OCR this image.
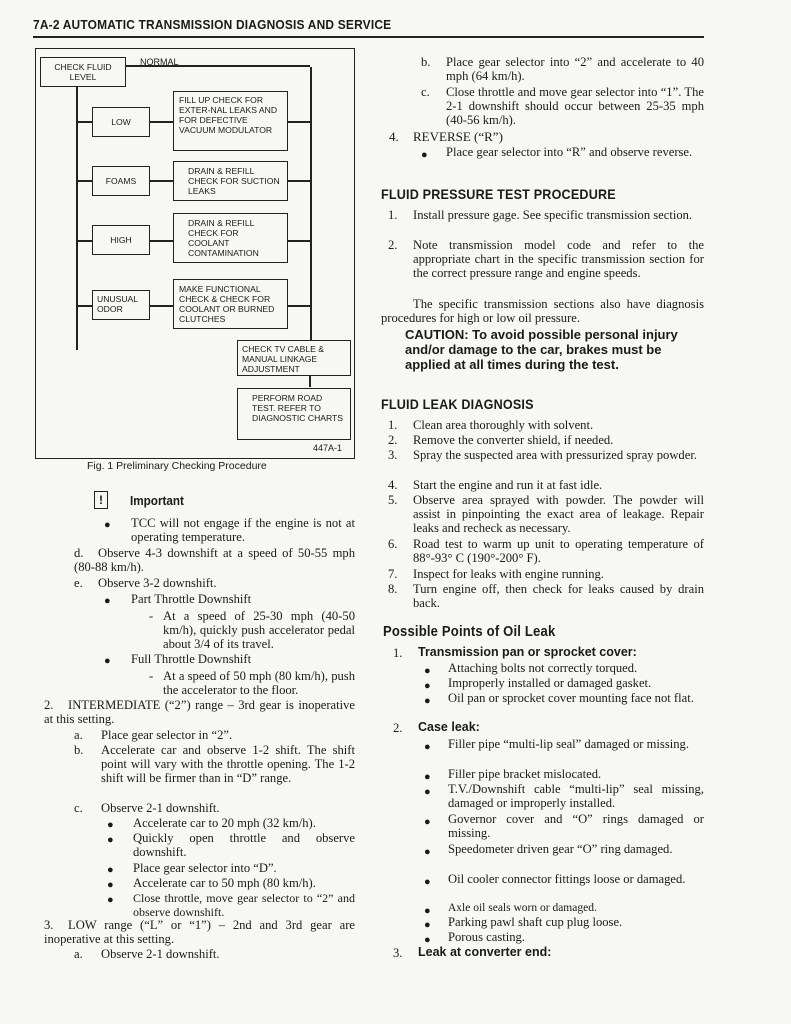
7A-2 AUTOMATIC TRANSMISSION DIAGNOSIS AND SERVICE
CHECK FLUID LEVEL
NORMAL
LOW
FILL UP CHECK FOR EXTER-NAL LEAKS AND FOR DEFECTIVE VACUUM MODULATOR
FOAMS
DRAIN & REFILL CHECK FOR SUCTION LEAKS
HIGH
DRAIN & REFILL CHECK FOR COOLANT CONTAMINATION
UNUSUAL ODOR
MAKE FUNCTIONAL CHECK & CHECK FOR COOLANT OR BURNED CLUTCHES
CHECK TV CABLE & MANUAL LINKAGE ADJUSTMENT
PERFORM ROAD TEST. REFER TO DIAGNOSTIC CHARTS
447A-1
Fig. 1 Preliminary Checking Procedure
!	Important
● TCC will not engage if the engine is not at operating temperature.
d.	Observe 4-3 downshift at a speed of 50-55 mph (80-88 km/h).
e. Observe 3-2 downshift.
● Part Throttle Downshift
- At a speed of 25-30 mph (40-50 km/h), quickly push accelerator pedal about 3/4 of its travel.
● Full Throttle Downshift
- At a speed of 50 mph (80 km/h), push the accelerator to the floor.
2.	INTERMEDIATE (“2”) range – 3rd gear is inoperative at this setting.
a. Place gear selector in “2”.
b. Accelerate car and observe 1-2 shift. The shift point will vary with the throttle opening. The 1-2 shift will be firmer than in “D” range.
c. Observe 2-1 downshift.
● Accelerate car to 20 mph (32 km/h).
● Quickly open throttle and observe downshift.
● Place gear selector into “D”.
● Accelerate car to 50 mph (80 km/h).
● Close throttle, move gear selector to “2” and observe downshift.
3.	LOW range (“L” or “1”) – 2nd and 3rd gear are inoperative at this setting.
a. Observe 2-1 downshift.
b. Place gear selector into “2” and accelerate to 40 mph (64 km/h).
c. Close throttle and move gear selector into “1”. The 2-1 downshift should occur between 25-35 mph (40-56 km/h).
4. REVERSE (“R”)
● Place gear selector into “R” and observe reverse.
FLUID PRESSURE TEST PROCEDURE
1. Install pressure gage. See specific transmission section.
2. Note transmission model code and refer to the appropriate chart in the specific transmission section for the correct pressure range and engine speeds.
The specific transmission sections also have diagnosis procedures for high or low oil pressure.
CAUTION: To avoid possible personal injury and/or damage to the car, brakes must be applied at all times during the test.
FLUID LEAK DIAGNOSIS
1. Clean area thoroughly with solvent.
2. Remove the converter shield, if needed.
3. Spray the suspected area with pressurized spray powder.
4. Start the engine and run it at fast idle.
5. Observe area sprayed with powder. The powder will assist in pinpointing the exact area of leakage. Repair leaks and recheck as necessary.
6. Road test to warm up unit to operating temperature of 88°-93° C (190°-200° F).
7. Inspect for leaks with engine running.
8. Turn engine off, then check for leaks caused by drain back.
Possible Points of Oil Leak
1. Transmission pan or sprocket cover:
● Attaching bolts not correctly torqued.
● Improperly installed or damaged gasket.
● Oil pan or sprocket cover mounting face not flat.
2. Case leak:
● Filler pipe “multi-lip seal” damaged or missing.
● Filler pipe bracket mislocated.
● T.V./Downshift cable “multi-lip” seal missing, damaged or improperly installed.
● Governor cover and “O” rings damaged or missing.
● Speedometer driven gear “O” ring damaged.
● Oil cooler connector fittings loose or damaged.
● Axle oil seals worn or damaged.
● Parking pawl shaft cup plug loose.
● Porous casting.
3. Leak at converter end:
